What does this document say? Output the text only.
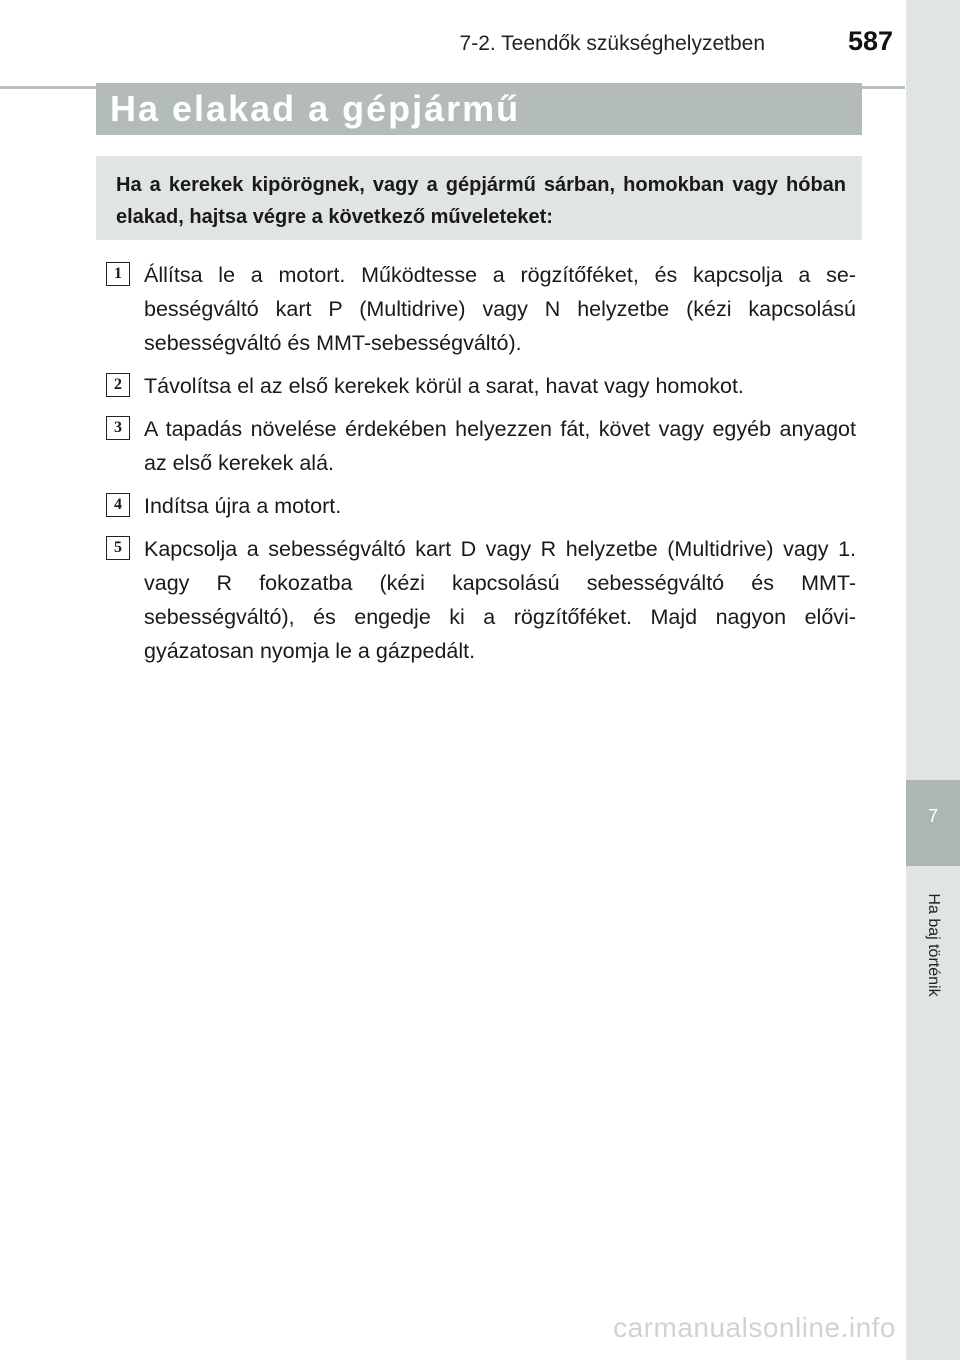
7-2. Teendők szükséghelyzetben	587
7
Ha baj történik
Ha elakad a gépjármű
Ha a kerekek kipörögnek, vagy a gépjármű sárban, homokban vagy hóban elakad, hajtsa végre a következő műveleteket:
1	Állítsa le a motort. Működtesse a rögzítőféket, és kapcsolja a sebességváltó kart P (Multidrive) vagy N helyzetbe (kézi kapcsolású sebességváltó és MMT-sebességváltó).
2	Távolítsa el az első kerekek körül a sarat, havat vagy homokot.
3	A tapadás növelése érdekében helyezzen fát, követ vagy egyéb anyagot az első kerekek alá.
4	Indítsa újra a motort.
5	Kapcsolja a sebességváltó kart D vagy R helyzetbe (Multidrive) vagy 1. vagy R fokozatba (kézi kapcsolású sebességváltó és MMT-sebességváltó), és engedje ki a rögzítőféket. Majd nagyon elővigyázatosan nyomja le a gázpedált.
carmanualsonline.info
